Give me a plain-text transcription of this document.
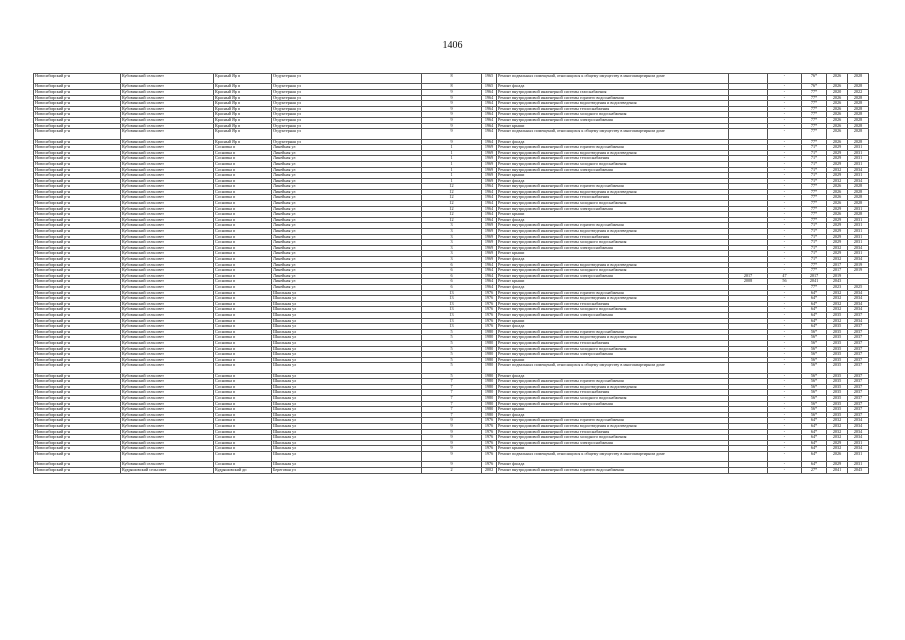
1406
Новосибирский р-н	Кубовинский сельсовет	Красный Яр п	Отдуктерная ул	8	1965	Ремонт подвальных помещений, относящихся к общему имуществу в многоквартирном доме		-	76*	2026	2028
Новосибирский р-н	Кубовинский сельсовет	Красный Яр п	Отдуктерная ул	8	1965	Ремонт фасада		-	76*	2026	2028
Новосибирский р-н	Кубовинский сельсовет	Красный Яр п	Отдуктерная ул	9	1964	Ремонт внутридомовой инженерной системы газоснабжения		-	77*	2020	2022
Новосибирский р-н	Кубовинский сельсовет	Красный Яр п	Отдуктерная ул	9	1964	Ремонт внутридомовой инженерной системы горячего водоснабжения		-	77*	2026	2028
Новосибирский р-н	Кубовинский сельсовет	Красный Яр п	Отдуктерная ул	9	1964	Ремонт внутридомовой инженерной системы водоотведения и водоотведения		-	77*	2026	2028
Новосибирский р-н	Кубовинский сельсовет	Красный Яр п	Отдуктерная ул	9	1964	Ремонт внутридомовой инженерной системы теплоснабжения		-	77*	2026	2028
Новосибирский р-н	Кубовинский сельсовет	Красный Яр п	Отдуктерная ул	9	1964	Ремонт внутридомовой инженерной системы холодного водоснабжения		-	77*	2026	2028
Новосибирский р-н	Кубовинский сельсовет	Красный Яр п	Отдуктерная ул	9	1964	Ремонт внутридомовой инженерной системы электроснабжения		-	77*	2026	2028
Новосибирский р-н	Кубовинский сельсовет	Красный Яр п	Отдуктерная ул	9	1964	Ремонт крыши		-	77*	2026	2028
Новосибирский р-н	Кубовинский сельсовет	Красный Яр п	Отдуктерная ул	9	1964	Ремонт подвальных помещений, относящихся к общему имуществу в многоквартирном доме		-	77*	2026	2028
Новосибирский р-н	Кубовинский сельсовет	Красный Яр п	Отдуктерная ул	9	1964	Ремонт фасада		-	77*	2026	2028
Новосибирский р-н	Кубовинский сельсовет	Сосновка п	Линейная ул	1	1969	Ремонт внутридомовой инженерной системы горячего водоснабжения		-	71*	2029	2031
Новосибирский р-н	Кубовинский сельсовет	Сосновка п	Линейная ул	1	1969	Ремонт внутридомовой инженерной системы водоотведения и водоотведения		-	71*	2029	2031
Новосибирский р-н	Кубовинский сельсовет	Сосновка п	Линейная ул	1	1969	Ремонт внутридомовой инженерной системы теплоснабжения		-	71*	2029	2031
Новосибирский р-н	Кубовинский сельсовет	Сосновка п	Линейная ул	1	1969	Ремонт внутридомовой инженерной системы холодного водоснабжения		-	71*	2029	2031
Новосибирский р-н	Кубовинский сельсовет	Сосновка п	Линейная ул	1	1969	Ремонт внутридомовой инженерной системы электроснабжения		-	71*	2032	2034
Новосибирский р-н	Кубовинский сельсовет	Сосновка п	Линейная ул	1	1969	Ремонт крыши		-	71*	2029	2031
Новосибирский р-н	Кубовинский сельсовет	Сосновка п	Линейная ул	1	1969	Ремонт фасада		-	71*	2032	2034
Новосибирский р-н	Кубовинский сельсовет	Сосновка п	Линейная ул	12	1964	Ремонт внутридомовой инженерной системы горячего водоснабжения		-	77*	2026	2028
Новосибирский р-н	Кубовинский сельсовет	Сосновка п	Линейная ул	12	1964	Ремонт внутридомовой инженерной системы водоотведения и водоотведения		-	77*	2026	2028
Новосибирский р-н	Кубовинский сельсовет	Сосновка п	Линейная ул	12	1964	Ремонт внутридомовой инженерной системы теплоснабжения		-	77*	2026	2028
Новосибирский р-н	Кубовинский сельсовет	Сосновка п	Линейная ул	12	1964	Ремонт внутридомовой инженерной системы холодного водоснабжения		-	77*	2026	2028
Новосибирский р-н	Кубовинский сельсовет	Сосновка п	Линейная ул	12	1964	Ремонт внутридомовой инженерной системы электроснабжения		-	77*	2029	2031
Новосибирский р-н	Кубовинский сельсовет	Сосновка п	Линейная ул	12	1964	Ремонт крыши		-	77*	2026	2028
Новосибирский р-н	Кубовинский сельсовет	Сосновка п	Линейная ул	12	1964	Ремонт фасада		-	77*	2029	2031
Новосибирский р-н	Кубовинский сельсовет	Сосновка п	Линейная ул	3	1969	Ремонт внутридомовой инженерной системы горячего водоснабжения		-	71*	2029	2031
Новосибирский р-н	Кубовинский сельсовет	Сосновка п	Линейная ул	3	1969	Ремонт внутридомовой инженерной системы водоотведения и водоотведения		-	71*	2029	2031
Новосибирский р-н	Кубовинский сельсовет	Сосновка п	Линейная ул	3	1969	Ремонт внутридомовой инженерной системы теплоснабжения		-	71*	2029	2031
Новосибирский р-н	Кубовинский сельсовет	Сосновка п	Линейная ул	3	1969	Ремонт внутридомовой инженерной системы холодного водоснабжения		-	71*	2029	2031
Новосибирский р-н	Кубовинский сельсовет	Сосновка п	Линейная ул	3	1969	Ремонт внутридомовой инженерной системы электроснабжения		-	71*	2032	2034
Новосибирский р-н	Кубовинский сельсовет	Сосновка п	Линейная ул	3	1969	Ремонт крыши		-	71*	2029	2031
Новосибирский р-н	Кубовинский сельсовет	Сосновка п	Линейная ул	3	1969	Ремонт фасада		-	71*	2032	2034
Новосибирский р-н	Кубовинский сельсовет	Сосновка п	Линейная ул	6	1964	Ремонт внутридомовой инженерной системы водоотведения и водоотведения		-	77*	2017	2019
Новосибирский р-н	Кубовинский сельсовет	Сосновка п	Линейная ул	6	1964	Ремонт внутридомовой инженерной системы холодного водоснабжения		-	77*	2017	2019
Новосибирский р-н	Кубовинский сельсовет	Сосновка п	Линейная ул	6	1964	Ремонт внутридомовой инженерной системы электроснабжения	2017	47	2017	2019	
Новосибирский р-н	Кубовинский сельсовет	Сосновка п	Линейная ул	6	1964	Ремонт крыши	2008	56	2041	2043	
Новосибирский р-н	Кубовинский сельсовет	Сосновка п	Линейная ул	6	1964	Ремонт фасада		-	77*	2023	2025
Новосибирский р-н	Кубовинский сельсовет	Сосновка п	Школьная ул	13	1976	Ремонт внутридомовой инженерной системы горячего водоснабжения		-	64*	2032	2034
Новосибирский р-н	Кубовинский сельсовет	Сосновка п	Школьная ул	13	1976	Ремонт внутридомовой инженерной системы водоотведения и водоотведения		-	64*	2032	2034
Новосибирский р-н	Кубовинский сельсовет	Сосновка п	Школьная ул	13	1976	Ремонт внутридомовой инженерной системы теплоснабжения		-	64*	2032	2034
Новосибирский р-н	Кубовинский сельсовет	Сосновка п	Школьная ул	13	1976	Ремонт внутридомовой инженерной системы холодного водоснабжения		-	64*	2032	2034
Новосибирский р-н	Кубовинский сельсовет	Сосновка п	Школьная ул	13	1976	Ремонт внутридомовой инженерной системы электроснабжения		-	64*	2035	2037
Новосибирский р-н	Кубовинский сельсовет	Сосновка п	Школьная ул	13	1976	Ремонт крыши		-	64*	2032	2034
Новосибирский р-н	Кубовинский сельсовет	Сосновка п	Школьная ул	13	1976	Ремонт фасада		-	64*	2035	2037
Новосибирский р-н	Кубовинский сельсовет	Сосновка п	Школьная ул	5	1980	Ремонт внутридомовой инженерной системы горячего водоснабжения		-	56*	2035	2037
Новосибирский р-н	Кубовинский сельсовет	Сосновка п	Школьная ул	5	1980	Ремонт внутридомовой инженерной системы водоотведения и водоотведения		-	56*	2035	2037
Новосибирский р-н	Кубовинский сельсовет	Сосновка п	Школьная ул	5	1980	Ремонт внутридомовой инженерной системы теплоснабжения		-	56*	2035	2037
Новосибирский р-н	Кубовинский сельсовет	Сосновка п	Школьная ул	5	1980	Ремонт внутридомовой инженерной системы холодного водоснабжения		-	56*	2035	2037
Новосибирский р-н	Кубовинский сельсовет	Сосновка п	Школьная ул	5	1980	Ремонт внутридомовой инженерной системы электроснабжения		-	56*	2035	2037
Новосибирский р-н	Кубовинский сельсовет	Сосновка п	Школьная ул	5	1980	Ремонт крыши		-	56*	2035	2037
Новосибирский р-н	Кубовинский сельсовет	Сосновка п	Школьная ул	5	1980	Ремонт подвальных помещений, относящихся к общему имуществу в многоквартирном доме		-	56*	2035	2037
Новосибирский р-н	Кубовинский сельсовет	Сосновка п	Школьная ул	5	1980	Ремонт фасада		-	56*	2035	2037
Новосибирский р-н	Кубовинский сельсовет	Сосновка п	Школьная ул	7	1980	Ремонт внутридомовой инженерной системы горячего водоснабжения		-	56*	2035	2037
Новосибирский р-н	Кубовинский сельсовет	Сосновка п	Школьная ул	7	1980	Ремонт внутридомовой инженерной системы водоотведения и водоотведения		-	56*	2035	2037
Новосибирский р-н	Кубовинский сельсовет	Сосновка п	Школьная ул	7	1980	Ремонт внутридомовой инженерной системы теплоснабжения		-	56*	2035	2037
Новосибирский р-н	Кубовинский сельсовет	Сосновка п	Школьная ул	7	1980	Ремонт внутридомовой инженерной системы холодного водоснабжения		-	56*	2035	2037
Новосибирский р-н	Кубовинский сельсовет	Сосновка п	Школьная ул	7	1980	Ремонт внутридомовой инженерной системы электроснабжения		-	56*	2035	2037
Новосибирский р-н	Кубовинский сельсовет	Сосновка п	Школьная ул	7	1980	Ремонт крыши		-	56*	2035	2037
Новосибирский р-н	Кубовинский сельсовет	Сосновка п	Школьная ул	7	1980	Ремонт фасада		-	56*	2035	2037
Новосибирский р-н	Кубовинский сельсовет	Сосновка п	Школьная ул	9	1976	Ремонт внутридомовой инженерной системы горячего водоснабжения		-	64*	2032	2034
Новосибирский р-н	Кубовинский сельсовет	Сосновка п	Школьная ул	9	1976	Ремонт внутридомовой инженерной системы водоотведения и водоотведения		-	64*	2032	2034
Новосибирский р-н	Кубовинский сельсовет	Сосновка п	Школьная ул	9	1976	Ремонт внутридомовой инженерной системы теплоснабжения		-	64*	2032	2034
Новосибирский р-н	Кубовинский сельсовет	Сосновка п	Школьная ул	9	1976	Ремонт внутридомовой инженерной системы холодного водоснабжения		-	64*	2032	2034
Новосибирский р-н	Кубовинский сельсовет	Сосновка п	Школьная ул	9	1976	Ремонт внутридомовой инженерной системы электроснабжения		-	64*	2029	2031
Новосибирский р-н	Кубовинский сельсовет	Сосновка п	Школьная ул	9	1976	Ремонт крыши		-	64*	2032	2034
Новосибирский р-н	Кубовинский сельсовет	Сосновка п	Школьная ул	9	1976	Ремонт подвальных помещений, относящихся к общему имуществу в многоквартирном доме		-	64*	2026	2031
Новосибирский р-н	Кубовинский сельсовет	Сосновка п	Школьная ул	9	1976	Ремонт фасада		-	64*	2029	2031
Новосибирский р-н	Кудряшовский сельсовет	Кудряшовский дп	Береговая ул	2	2002	Ремонт внутридомовой инженерной системы горячего водоснабжения		-	27*	2041	2043
